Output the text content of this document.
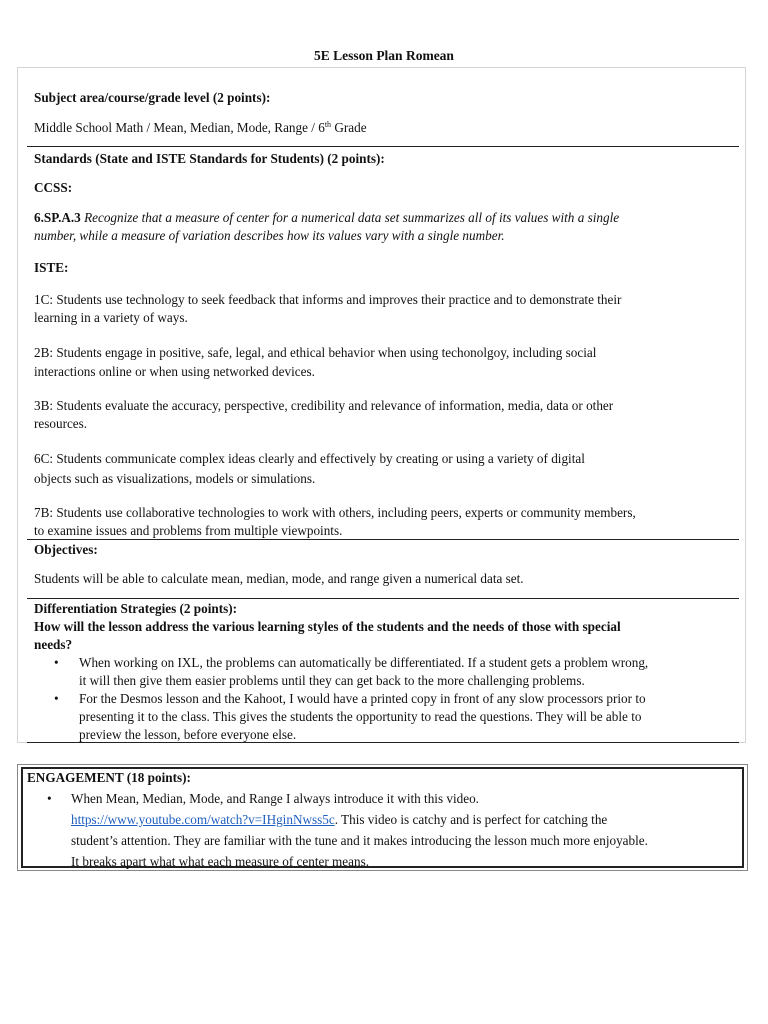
5E Lesson Plan Romean
Subject area/course/grade level (2 points):
Middle School Math / Mean, Median, Mode, Range / 6th Grade
Standards (State and ISTE Standards for Students) (2 points):
CCSS:
6.SP.A.3 Recognize that a measure of center for a numerical data set summarizes all of its values with a single
number, while a measure of variation describes how its values vary with a single number.
ISTE:
1C: Students use technology to seek feedback that informs and improves their practice and to demonstrate their
learning in a variety of ways.
2B: Students engage in positive, safe, legal, and ethical behavior when using techonolgoy, including social
interactions online or when using networked devices.
3B: Students evaluate the accuracy, perspective, credibility and relevance of information, media, data or other
resources.
6C: Students communicate complex ideas clearly and effectively by creating or using a variety of digital
objects such as visualizations, models or simulations.
7B: Students use collaborative technologies to work with others, including peers, experts or community members,
to examine issues and problems from multiple viewpoints.
Objectives:
Students will be able to calculate mean, median, mode, and range given a numerical data set.
Differentiation Strategies (2 points):
How will the lesson address the various learning styles of the students and the needs of those with special
needs?
• When working on IXL, the problems can automatically be differentiated. If a student gets a problem wrong,
it will then give them easier problems until they can get back to the more challenging problems.
• For the Desmos lesson and the Kahoot, I would have a printed copy in front of any slow processors prior to
presenting it to the class. This gives the students the opportunity to read the questions. They will be able to
preview the lesson, before everyone else.
ENGAGEMENT (18 points):
• When Mean, Median, Mode, and Range I always introduce it with this video.
https://www.youtube.com/watch?v=IHginNwss5c. This video is catchy and is perfect for catching the
student’s attention. They are familiar with the tune and it makes introducing the lesson much more enjoyable.
It breaks apart what what each measure of center means.
